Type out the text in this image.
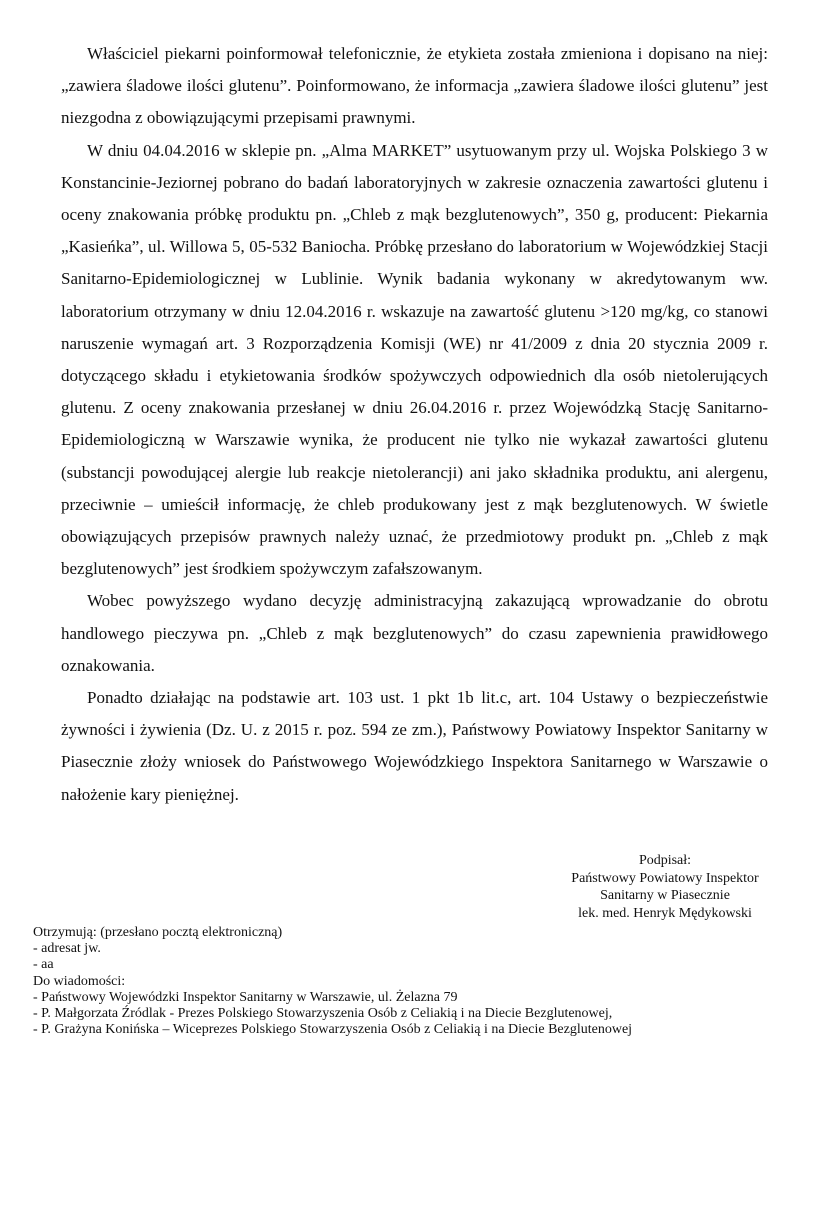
Właściciel piekarni poinformował telefonicznie, że etykieta została zmieniona i dopisano na niej: „zawiera śladowe ilości glutenu”. Poinformowano, że informacja „zawiera śladowe ilości glutenu” jest niezgodna z obowiązującymi przepisami prawnymi.

W dniu 04.04.2016 w sklepie pn. „Alma MARKET” usytuowanym przy ul. Wojska Polskiego 3 w Konstancinie-Jeziornej pobrano do badań laboratoryjnych w zakresie oznaczenia zawartości glutenu i oceny znakowania próbkę produktu pn. „Chleb z mąk bezglutenowych”, 350 g, producent: Piekarnia „Kasieńka”, ul. Willowa 5, 05-532 Baniocha. Próbkę przesłano do laboratorium w Wojewódzkiej Stacji Sanitarno-Epidemiologicznej w Lublinie. Wynik badania wykonany w akredytowanym ww. laboratorium otrzymany w dniu 12.04.2016 r. wskazuje na zawartość glutenu >120 mg/kg, co stanowi naruszenie wymagań art. 3 Rozporządzenia Komisji (WE) nr 41/2009 z dnia 20 stycznia 2009 r. dotyczącego składu i etykietowania środków spożywczych odpowiednich dla osób nietolerujących glutenu. Z oceny znakowania przesłanej w dniu 26.04.2016 r. przez Wojewódzką Stację Sanitarno-Epidemiologiczną w Warszawie wynika, że producent nie tylko nie wykazał zawartości glutenu (substancji powodującej alergie lub reakcje nietolerancji) ani jako składnika produktu, ani alergenu, przeciwnie – umieścił informację, że chleb produkowany jest z mąk bezglutenowych. W świetle obowiązujących przepisów prawnych należy uznać, że przedmiotowy produkt pn. „Chleb z mąk bezglutenowych” jest środkiem spożywczym zafałszowanym.

Wobec powyższego wydano decyzję administracyjną zakazującą wprowadzanie do obrotu handlowego pieczywa pn. „Chleb z mąk bezglutenowych” do czasu zapewnienia prawidłowego oznakowania.

Ponadto działając na podstawie art. 103 ust. 1 pkt 1b lit.c, art. 104 Ustawy o bezpieczeństwie żywności i żywienia (Dz. U. z 2015 r. poz. 594 ze zm.), Państwowy Powiatowy Inspektor Sanitarny w Piasecznie złoży wniosek do Państwowego Wojewódzkiego Inspektora Sanitarnego w Warszawie o nałożenie kary pieniężnej.

Podpisał:
Państwowy Powiatowy Inspektor
Sanitarny w Piasecznie
lek. med. Henryk Mędykowski
Otrzymują: (przesłano pocztą elektroniczną)
- adresat jw.
- aa
Do wiadomości:
- Państwowy Wojewódzki Inspektor Sanitarny w Warszawie, ul. Żelazna 79
- P. Małgorzata Źródlak - Prezes Polskiego Stowarzyszenia Osób z Celiakią i na Diecie Bezglutenowej,
- P. Grażyna Konińska – Wiceprezes Polskiego Stowarzyszenia Osób z Celiakią i na Diecie Bezglutenowej
